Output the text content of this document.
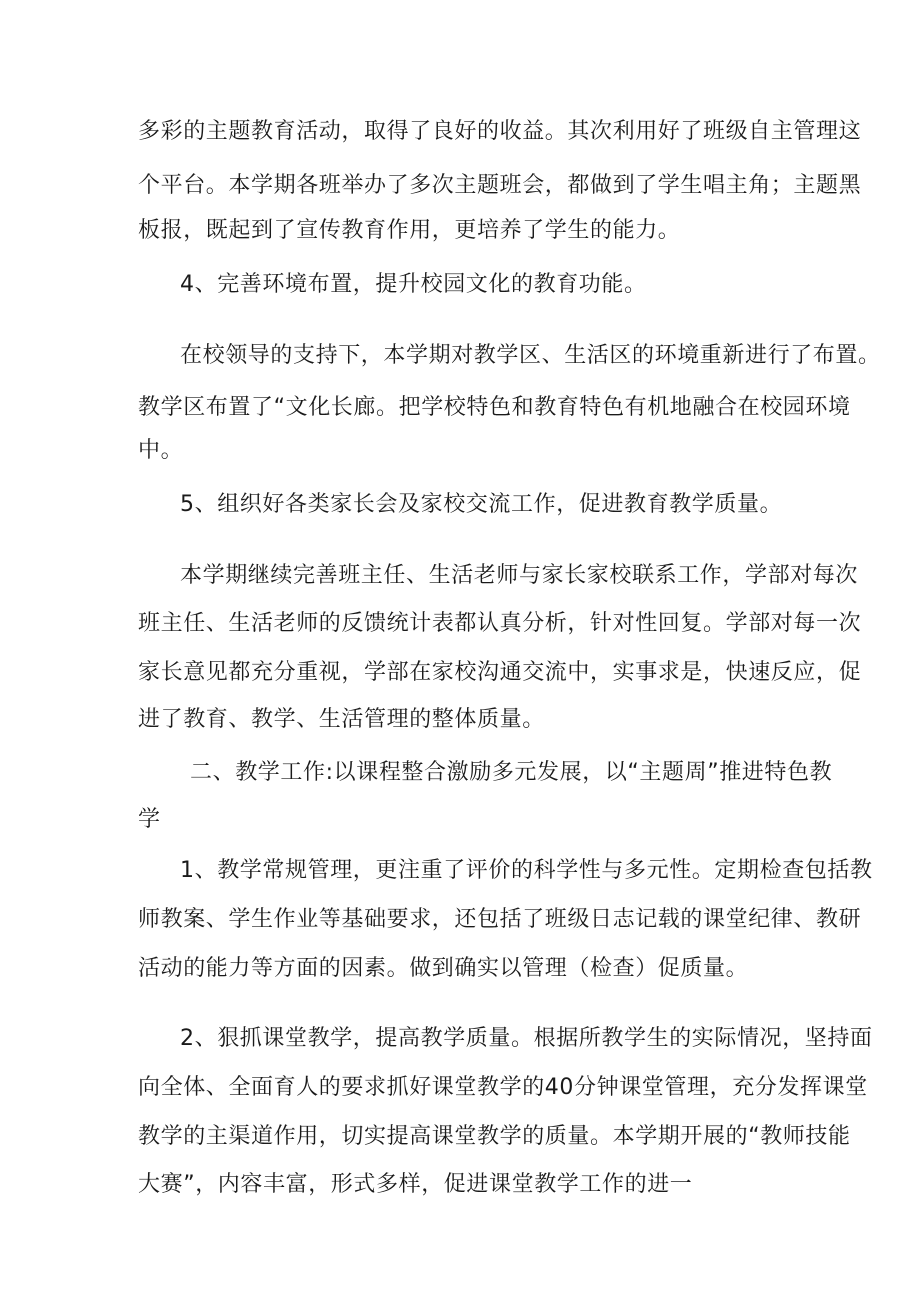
多彩的主题教育活动，取得了良好的收益。其次利用好了班级自主管理这
个平台。本学期各班举办了多次主题班会，都做到了学生唱主角；主题黑
板报，既起到了宣传教育作用，更培养了学生的能力。
4、完善环境布置，提升校园文化的教育功能。
在校领导的支持下，本学期对教学区、生活区的环境重新进行了布置。
教学区布置了“文化长廊。把学校特色和教育特色有机地融合在校园环境
中。
5、组织好各类家长会及家校交流工作，促进教育教学质量。
本学期继续完善班主任、生活老师与家长家校联系工作，学部对每次
班主任、生活老师的反馈统计表都认真分析，针对性回复。学部对每一次
家长意见都充分重视，学部在家校沟通交流中，实事求是，快速反应，促
进了教育、教学、生活管理的整体质量。
二、教学工作:以课程整合激励多元发展，以“主题周”推进特色教
学
1、教学常规管理，更注重了评价的科学性与多元性。定期检查包括教
师教案、学生作业等基础要求，还包括了班级日志记载的课堂纪律、教研
活动的能力等方面的因素。做到确实以管理（检查）促质量。
2、狠抓课堂教学，提高教学质量。根据所教学生的实际情况，坚持面
向全体、全面育人的要求抓好课堂教学的40分钟课堂管理，充分发挥课堂
教学的主渠道作用，切实提高课堂教学的质量。本学期开展的“教师技能
大赛”，内容丰富，形式多样，促进课堂教学工作的进一
